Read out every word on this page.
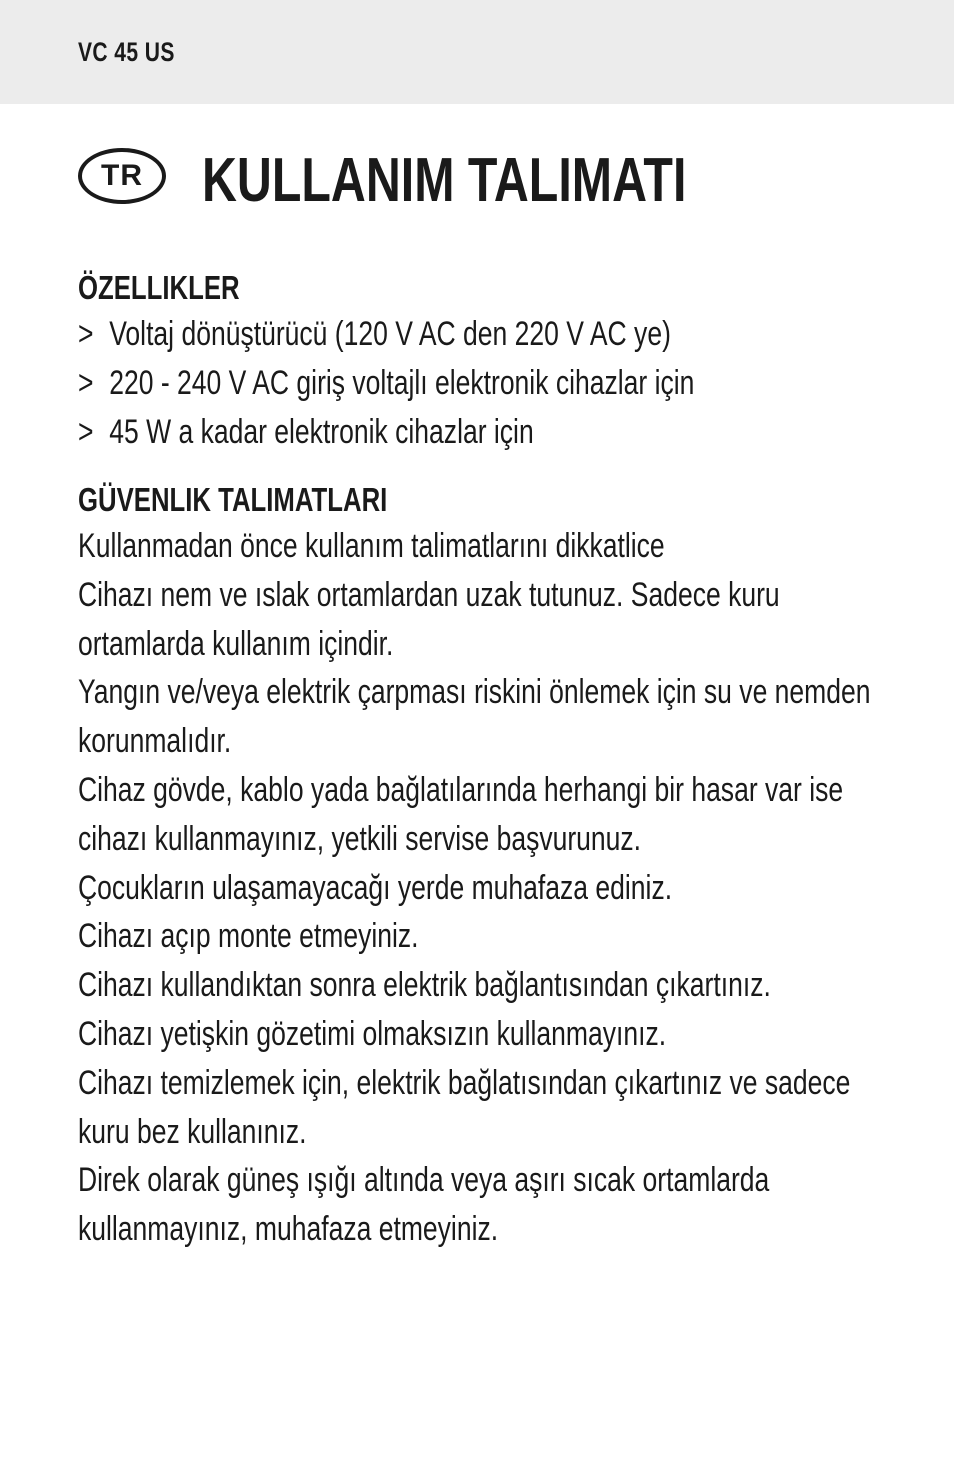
VC 45 US
TR KULLANIM TALIMATI
ÖZELLIKLER
> Voltaj dönüştürücü (120 V AC den 220 V AC ye)
> 220 - 240 V AC giriş voltajlı elektronik cihazlar için
> 45 W a kadar elektronik cihazlar için
GÜVENLIK TALIMATLARI

Kullanmadan önce kullanım talimatlarını dikkatlice

Cihazı nem ve ıslak ortamlardan uzak tutunuz. Sadece kuru

ortamlarda kullanım içindir.

Yangın ve/veya elektrik çarpması riskini önlemek için su ve nemden

korunmalıdır.

Cihaz gövde, kablo yada bağlatılarında herhangi bir hasar var ise

cihazı kullanmayınız, yetkili servise başvurunuz.

Çocukların ulaşamayacağı yerde muhafaza ediniz.

Cihazı açıp monte etmeyiniz.

Cihazı kullandıktan sonra elektrik bağlantısından çıkartınız.

Cihazı yetişkin gözetimi olmaksızın kullanmayınız.

Cihazı temizlemek için, elektrik bağlatısından çıkartınız ve sadece

kuru bez kullanınız.

Direk olarak güneş ışığı altında veya aşırı sıcak ortamlarda

kullanmayınız, muhafaza etmeyiniz.
